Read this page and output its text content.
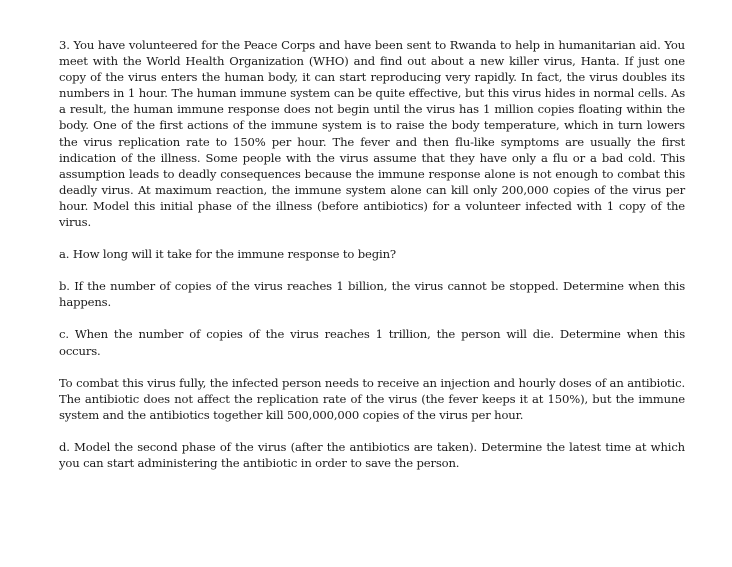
3. You have volunteered for the Peace Corps and have been sent to Rwanda to help in humanitarian aid. You meet with the World Health Organization (WHO) and find out about a new killer virus, Hanta. If just one copy of the virus enters the human body, it can start reproducing very rapidly. In fact, the virus doubles its numbers in 1 hour. The human immune system can be quite effective, but this virus hides in normal cells. As a result, the human immune response does not begin until the virus has 1 million copies floating within the body. One of the first actions of the immune system is to raise the body temperature, which in turn lowers the virus replication rate to 150% per hour. The fever and then flu-like symptoms are usually the first indication of the illness. Some people with the virus assume that they have only a flu or a bad cold. This assumption leads to deadly consequences because the immune response alone is not enough to combat this deadly virus. At maximum reaction, the immune system alone can kill only 200,000 copies of the virus per hour. Model this initial phase of the illness (before antibiotics) for a volunteer infected with 1 copy of the virus.

a. How long will it take for the immune response to begin?

b. If the number of copies of the virus reaches 1 billion, the virus cannot be stopped. Determine when this happens.

c. When the number of copies of the virus reaches 1 trillion, the person will die. Determine when this occurs.

To combat this virus fully, the infected person needs to receive an injection and hourly doses of an antibiotic. The antibiotic does not affect the replication rate of the virus (the fever keeps it at 150%), but the immune system and the antibiotics together kill 500,000,000 copies of the virus per hour.

d. Model the second phase of the virus (after the antibiotics are taken). Determine the latest time at which you can start administering the antibiotic in order to save the person.
